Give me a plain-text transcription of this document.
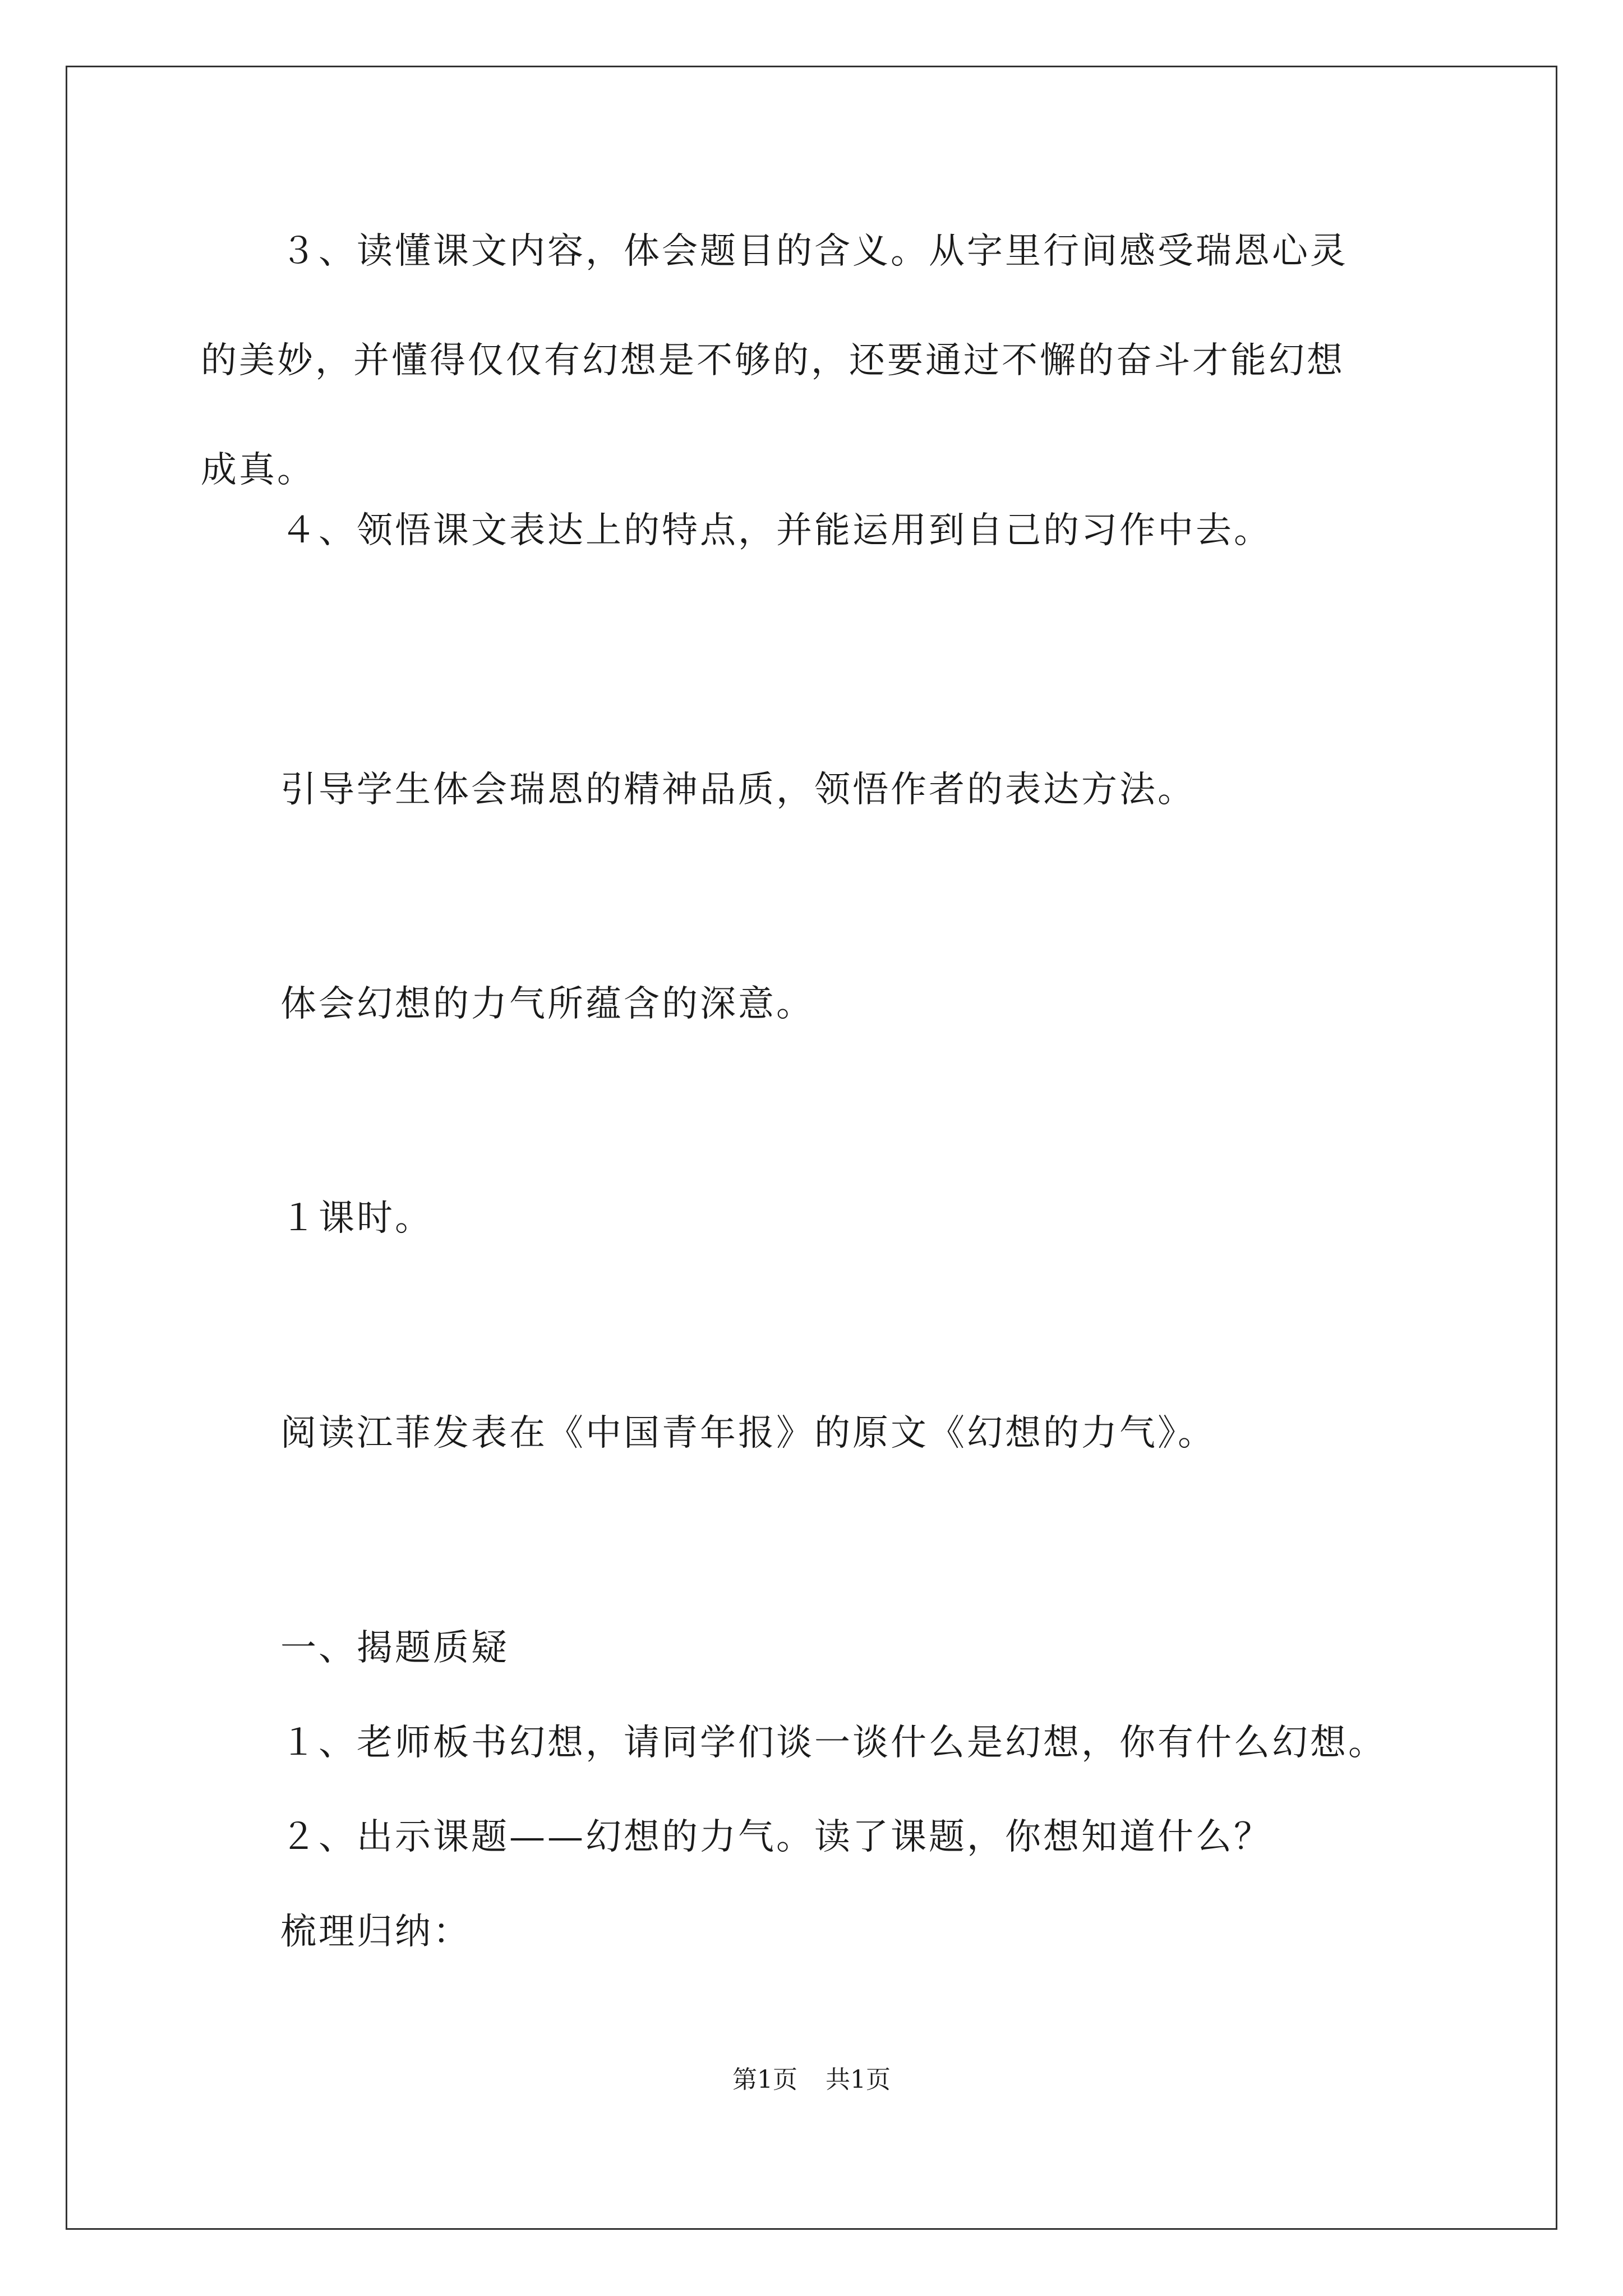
３、读懂课文内容，体会题目的含义。从字里行间感受瑞恩心灵
的美妙，并懂得仅仅有幻想是不够的，还要通过不懈的奋斗才能幻想
成真。
４、领悟课文表达上的特点，并能运用到自己的习作中去。
引导学生体会瑞恩的精神品质，领悟作者的表达方法。
体会幻想的力气所蕴含的深意。
１课时。
阅读江菲发表在《中国青年报》的原文《幻想的力气》。
一、揭题质疑
１、老师板书幻想，请同学们谈一谈什么是幻想，你有什么幻想。
２、出示课题——幻想的力气。读了课题，你想知道什么？
梳理归纳：
第1页 共1页
